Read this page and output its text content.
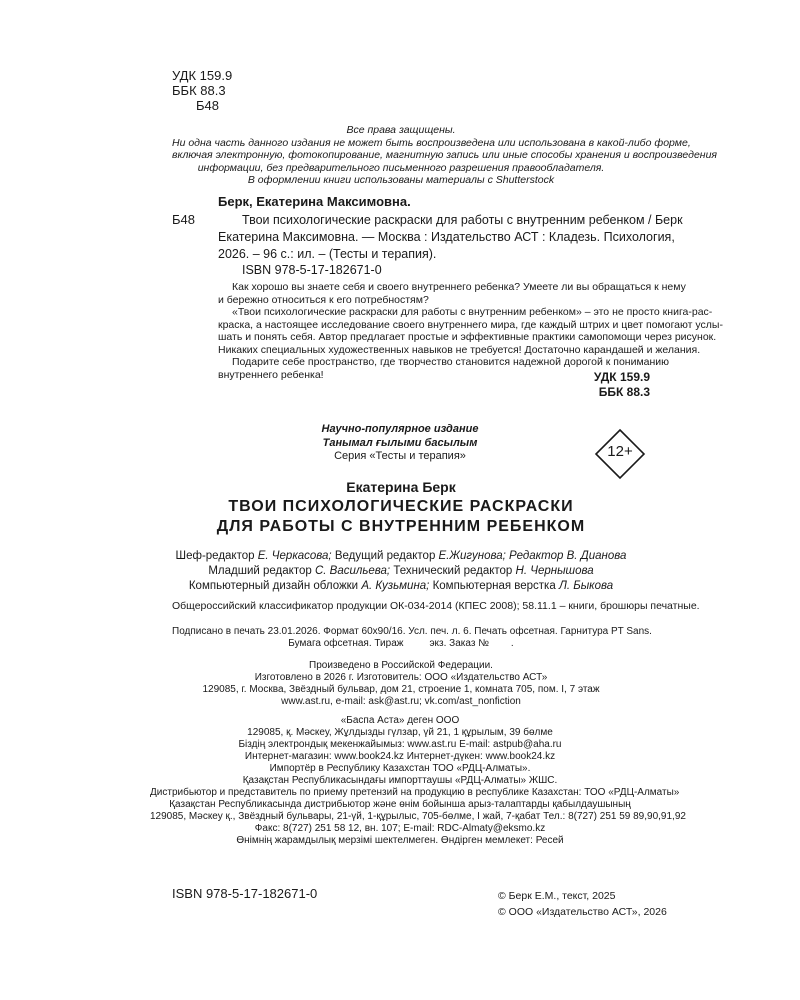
УДК 159.9
ББК 88.3
Б48
Все права защищены.
Ни одна часть данного издания не может быть воспроизведена или использована в какой-либо форме,
включая электронную, фотокопирование, магнитную запись или иные способы хранения и воспроизведения
информации, без предварительного письменного разрешения правообладателя.
В оформлении книги использованы материалы с Shutterstock
Берк, Екатерина Максимовна.
Б48	Твои психологические раскраски для работы с внутренним ребенком / Берк
Екатерина Максимовна. — Москва : Издательство АСТ : Кладезь. Психология,
2026. – 96 с.: ил. – (Тесты и терапия).
ISBN 978-5-17-182671-0
Как хорошо вы знаете себя и своего внутреннего ребенка? Умеете ли вы обращаться к нему
и бережно относиться к его потребностям?
«Твои психологические раскраски для работы с внутренним ребенком» – это не просто книга-рас-
краска, а настоящее исследование своего внутреннего мира, где каждый штрих и цвет помогают услы-
шать и понять себя. Автор предлагает простые и эффективные практики самопомощи через рисунок.
Никаких специальных художественных навыков не требуется! Достаточно карандашей и желания.
Подарите себе пространство, где творчество становится надежной дорогой к пониманию
внутреннего ребенка!	УДК 159.9
ББК 88.3
Научно-популярное издание
Танымал ғылыми басылым
Серия «Тесты и терапия»	12+
Екатерина Берк
ТВОИ ПСИХОЛОГИЧЕСКИЕ РАСКРАСКИ
ДЛЯ РАБОТЫ С ВНУТРЕННИМ РЕБЕНКОМ
Шеф-редактор Е. Черкасова; Ведущий редактор Е.Жигунова; Редактор В. Дианова
Младший редактор С. Васильева; Технический редактор Н. Чернышова
Компьютерный дизайн обложки А. Кузьмина; Компьютерная верстка Л. Быкова
Общероссийский классификатор продукции ОК-034-2014 (КПЕС 2008); 58.11.1 – книги, брошюры печатные.
Подписано в печать 23.01.2026. Формат 60х90/16. Усл. печ. л. 6. Печать офсетная. Гарнитура PT Sans.
Бумага офсетная. Тираж	экз. Заказ № .
Произведено в Российской Федерации.
Изготовлено в 2026 г. Изготовитель: ООО «Издательство АСТ»
129085, г. Москва, Звёздный бульвар, дом 21, строение 1, комната 705, пом. I, 7 этаж
www.ast.ru, e-mail: ask@ast.ru; vk.com/ast_nonfiction
«Баспа Аста» деген ООО
129085, қ. Мәскеу, Жұлдызды гүлзар, үй 21, 1 құрылым, 39 бөлме
Біздің электрондық мекенжайымыз: www.ast.ru E-mail: astpub@aha.ru
Интернет-магазин: www.book24.kz Интернет-дүкен: www.book24.kz
Импортёр в Республику Казахстан ТОО «РДЦ-Алматы».
Қазақстан Республикасындағы импорттаушы «РДЦ-Алматы» ЖШС.
Дистрибьютор и представитель по приему претензий на продукцию в республике Казахстан: ТОО «РДЦ-Алматы»
Қазақстан Республикасында дистрибьютор және өнім бойынша арыз-талаптарды қабылдаушының
129085, Мәскеу қ., Звёздный бульвары, 21-үй, 1-құрылыс, 705-бөлме, I жай, 7-қабат Тел.: 8(727) 251 59 89,90,91,92
Факс: 8(727) 251 58 12, вн. 107; E-mail: RDC-Almaty@eksmo.kz
Өнімнің жарамдылық мерзімі шектелмеген. Өндірген мемлекет: Ресей
ISBN 978-5-17-182671-0	© Берк Е.М., текст, 2025
© ООО «Издательство АСТ», 2026
